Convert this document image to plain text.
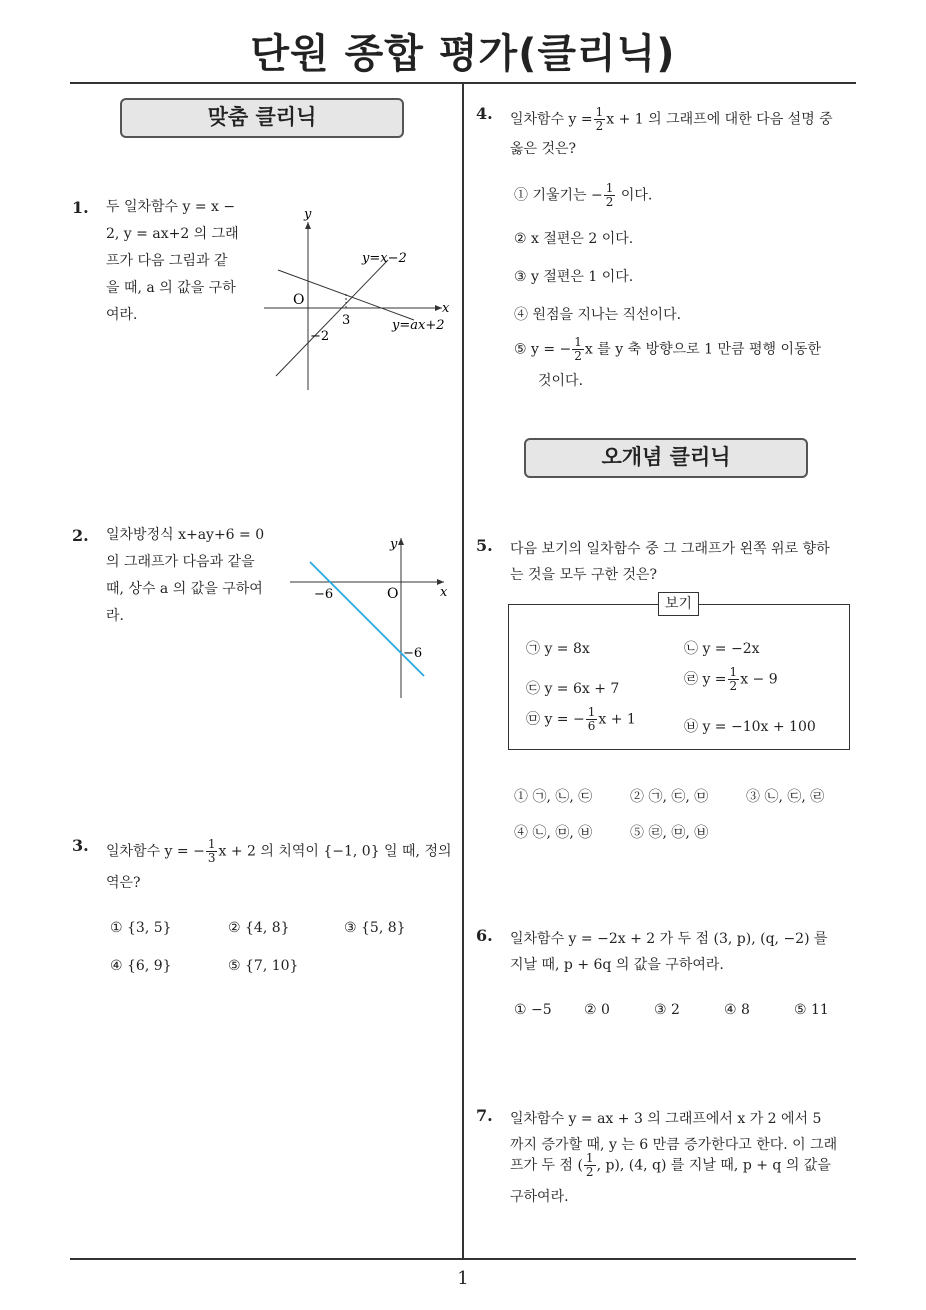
단원 종합 평가(클리닉)
맞춤 클리닉
오개념 클리닉
1. 두 일차함수 y = x −
2, y = ax+2 의 그래
프가 다음 그림과 같
을 때, a 의 값을 구하
여라.
y
x
O
3
−2
y=x−2
y=ax+2
2. 일차방정식 x+ay+6 = 0
의 그래프가 다음과 같을
때, 상수 a 의 값을 구하여
라.
y
x
O
−6
−6
3. 일차함수 y = − $\frac{1}{3}$ x + 2 의 치역이 {−1, 0} 일 때, 정의
역은?
① {3, 5}	② {4, 8}	③ {5, 8}
④ {6, 9}	⑤ {7, 10}
4. 일차함수 $y = \frac{1}{2}$ x + 1 의 그래프에 대한 다음 설명 중
옳은 것은?
① 기울기는 − $\frac{1}{2}$ 이다.
② x 절편은 2 이다.
③ y 절편은 1 이다.
④ 원점을 지나는 직선이다.
⑤ y = − $\frac{1}{2}$ x 를 y 축 방향으로 1 만큼 평행 이동한
것이다.
5. 다음 보기의 일차함수 중 그 그래프가 왼쪽 위로 향하
는 것을 모두 구한 것은?
보기
㉠ y = 8x	㉡ y = −2x
㉢ y = 6x + 7
㉣ $y = \frac{1}{2}$ x − 9
㉤ y = − $\frac{1}{6}$ x + 1	㉥ y = −10x + 100
① ㉠, ㉡, ㉢	② ㉠, ㉢, ㉤	③ ㉡, ㉢, ㉣
④ ㉡, ㉤, ㉥	⑤ ㉣, ㉤, ㉥
6. 일차함수 y = −2x + 2 가 두 점 (3, p), (q, −2) 를
지날 때, p + 6q 의 값을 구하여라.
① −5 ② 0	③ 2	④ 8	⑤ 11
7. 일차함수 y = ax + 3 의 그래프에서 x 가 2 에서 5
까지 증가할 때, y 는 6 만큼 증가한다고 한다. 이 그래
프가 두 점 ( $\frac{1}{2}$ , p), (4, q) 를 지날 때, p + q 의 값을
구하여라.
1
